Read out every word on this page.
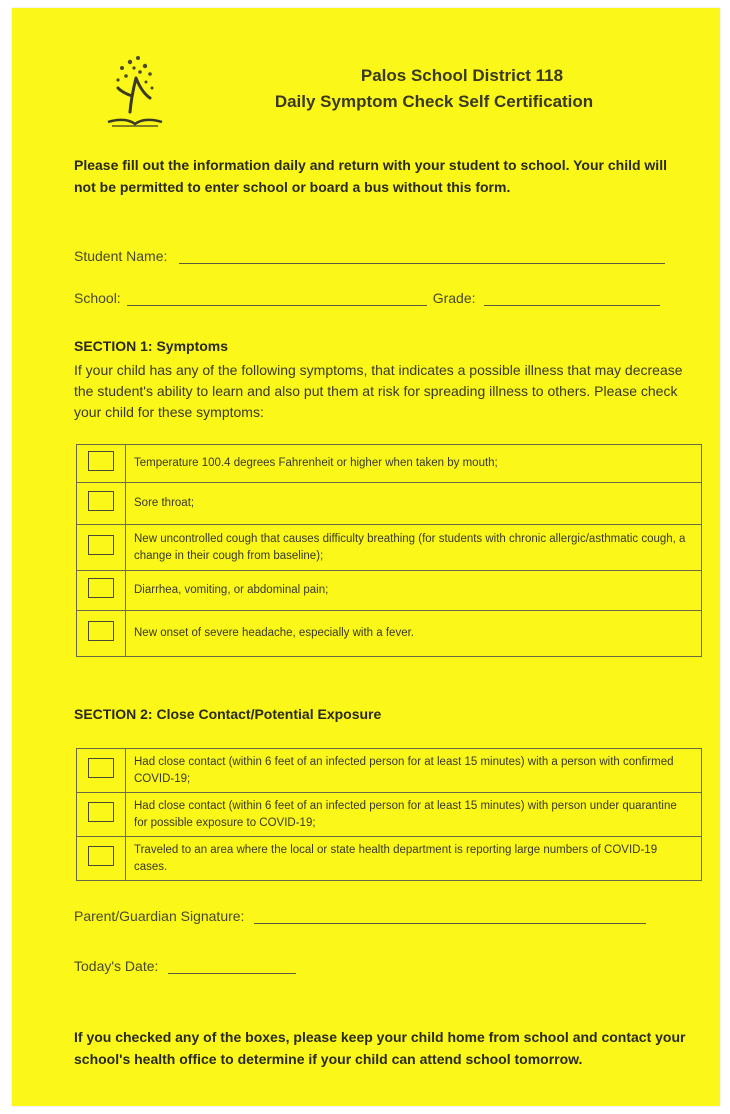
Palos School District 118
Daily Symptom Check Self Certification
Please fill out the information daily and return with your student to school. Your child will not be permitted to enter school or board a bus without this form.
Student Name:
School:	Grade:
SECTION 1: Symptoms
If your child has any of the following symptoms, that indicates a possible illness that may decrease the student's ability to learn and also put them at risk for spreading illness to others. Please check your child for these symptoms:
	Temperature 100.4 degrees Fahrenheit or higher when taken by mouth;
	Sore throat;
	New uncontrolled cough that causes difficulty breathing (for students with chronic allergic/asthmatic cough, a change in their cough from baseline);
	Diarrhea, vomiting, or abdominal pain;
	New onset of severe headache, especially with a fever.
SECTION 2: Close Contact/Potential Exposure
	Had close contact (within 6 feet of an infected person for at least 15 minutes) with a person with confirmed COVID-19;
	Had close contact (within 6 feet of an infected person for at least 15 minutes) with person under quarantine for possible exposure to COVID-19;
	Traveled to an area where the local or state health department is reporting large numbers of COVID-19 cases.
Parent/Guardian Signature:
Today's Date:
If you checked any of the boxes, please keep your child home from school and contact your school's health office to determine if your child can attend school tomorrow.
